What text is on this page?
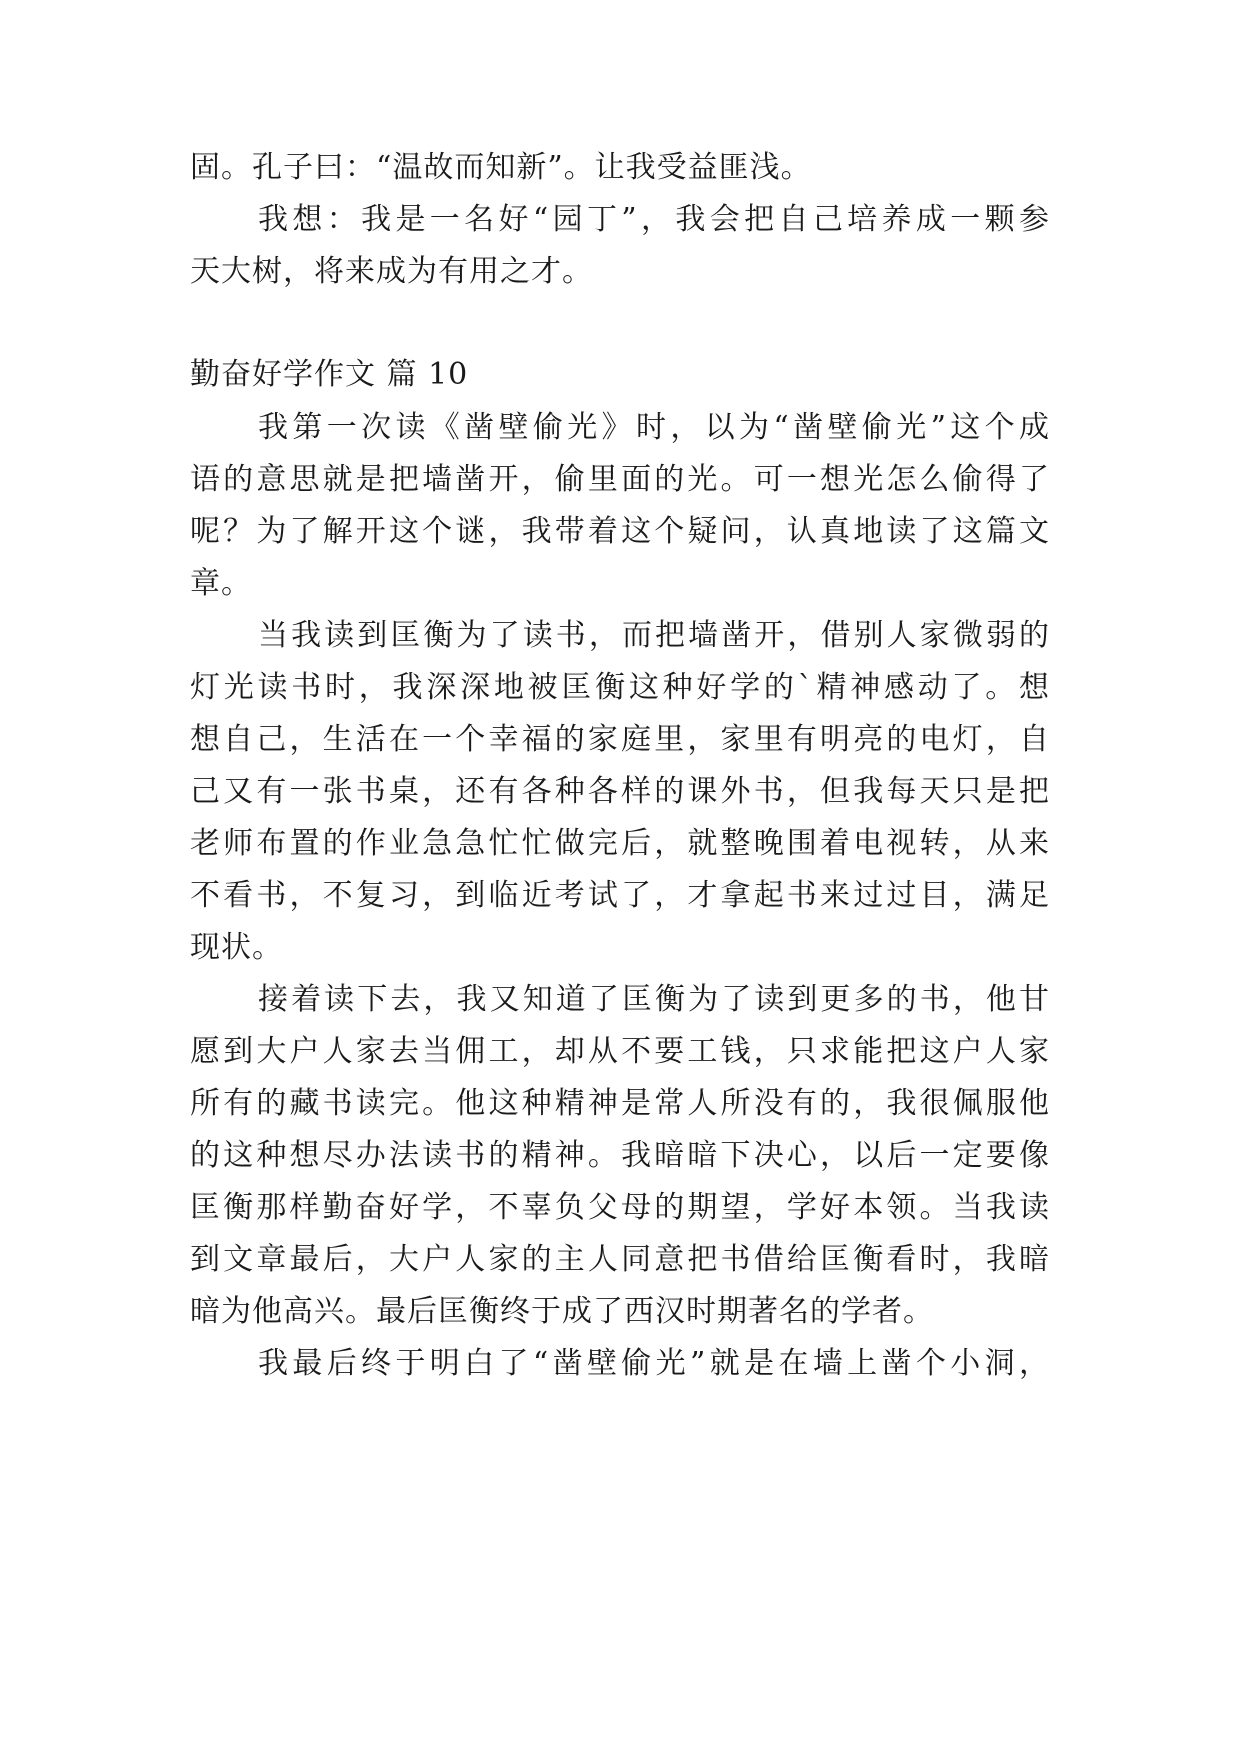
固。孔子曰：“温故而知新”。让我受益匪浅。
我想：我是一名好“园丁”，我会把自己培养成一颗参
天大树，将来成为有用之才。
勤奋好学作文 篇 10
我第一次读《凿壁偷光》时，以为“凿壁偷光”这个成
语的意思就是把墙凿开，偷里面的光。可一想光怎么偷得了
呢？为了解开这个谜，我带着这个疑问，认真地读了这篇文
章。
当我读到匡衡为了读书，而把墙凿开，借别人家微弱的
灯光读书时，我深深地被匡衡这种好学的`精神感动了。想
想自己，生活在一个幸福的家庭里，家里有明亮的电灯，自
己又有一张书桌，还有各种各样的课外书，但我每天只是把
老师布置的作业急急忙忙做完后，就整晚围着电视转，从来
不看书，不复习，到临近考试了，才拿起书来过过目，满足
现状。
接着读下去，我又知道了匡衡为了读到更多的书，他甘
愿到大户人家去当佣工，却从不要工钱，只求能把这户人家
所有的藏书读完。他这种精神是常人所没有的，我很佩服他
的这种想尽办法读书的精神。我暗暗下决心，以后一定要像
匡衡那样勤奋好学，不辜负父母的期望，学好本领。当我读
到文章最后，大户人家的主人同意把书借给匡衡看时，我暗
暗为他高兴。最后匡衡终于成了西汉时期著名的学者。
我最后终于明白了“凿壁偷光”就是在墙上凿个小洞，
